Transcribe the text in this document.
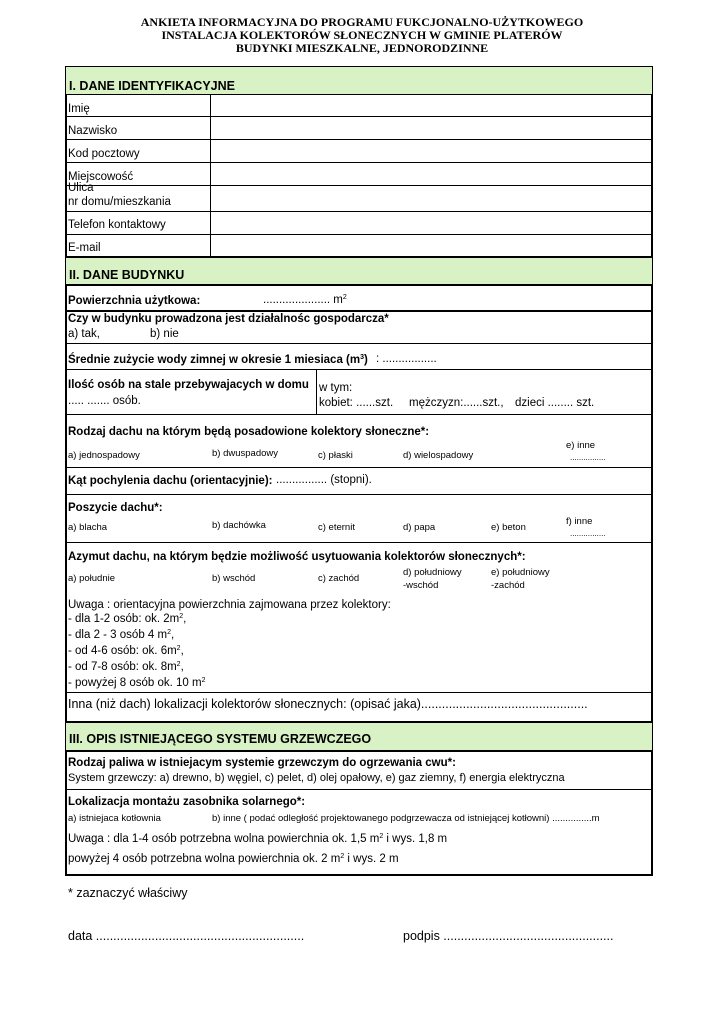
ANKIETA INFORMACYJNA DO PROGRAMU FUKCJONALNO-UŻYTKOWEGO
INSTALACJA KOLEKTORÓW SŁONECZNYCH W GMINIE PLATERÓW
BUDYNKI MIESZKALNE, JEDNORODZINNE
I. DANE IDENTYFIKACYJNE
Imię
Nazwisko
Kod pocztowy
Miejscowość
Ulica
nr domu/mieszkania
Telefon kontaktowy
E-mail
II. DANE BUDYNKU
Powierzchnia użytkowa:	..................... $m^2$
Czy w budynku prowadzona jest działalnośc gospodarcza*
a) tak,	b) nie
Średnie zużycie wody zimnej w okresie 1 miesiaca $(m^3)$ : .................
Ilość osób na stale przebywajacych w domu
..... ....... osób.
w tym:
kobiet: ......szt. mężczyzn:......szt., dzieci ........ szt.
Rodzaj dachu na którym będą posadowione kolektory słoneczne*:
a) jednospadowy	b) dwuspadowy	c) płaski	d) wielospadowy
e) inne
................
Kąt pochylenia dachu (orientacyjnie): ................ (stopni).
Poszycie dachu*:
a) blacha	b) dachówka	c) eternit	d) papa	e) beton
f) inne
................
Azymut dachu, na którym będzie możliwość usytuowania kolektorów słonecznych*:
a) południe	b) wschód	c) zachód
d) południowy
-wschód
e) południowy
-zachód
Uwaga : orientacyjna powierzchnia zajmowana przez kolektory:
- dla 1-2 osób: ok. $2m^2$,
- dla 2 - 3 osób 4 $m^2$,
- od 4-6 osób: ok. $6m^2$,
- od 7-8 osób: ok. $8m^2$,
- powyżej 8 osób ok. 10 $m^2$
Inna (niż dach) lokalizacji kolektorów słonecznych: (opisać jaka)................................................
III. OPIS ISTNIEJĄCEGO SYSTEMU GRZEWCZEGO
Rodzaj paliwa w istniejacym systemie grzewczym do ogrzewania cwu*:
System grzewczy: a) drewno, b) węgiel, c) pelet, d) olej opałowy, e) gaz ziemny, f) energia elektryczna
Lokalizacja montażu zasobnika solarnego*:
a) istniejaca kotłownia	b) inne ( podać odległość projektowanego podgrzewacza od istniejącej kotłowni) ...............m
Uwaga : dla 1-4 osób potrzebna wolna powierchnia ok. 1,5 $m^2$ i wys. 1,8 m
powyżej 4 osób potrzebna wolna powierchnia ok. 2 $m^2$ i wys. 2 m
* zaznaczyć właściwy
data ............................................................	podpis .................................................
